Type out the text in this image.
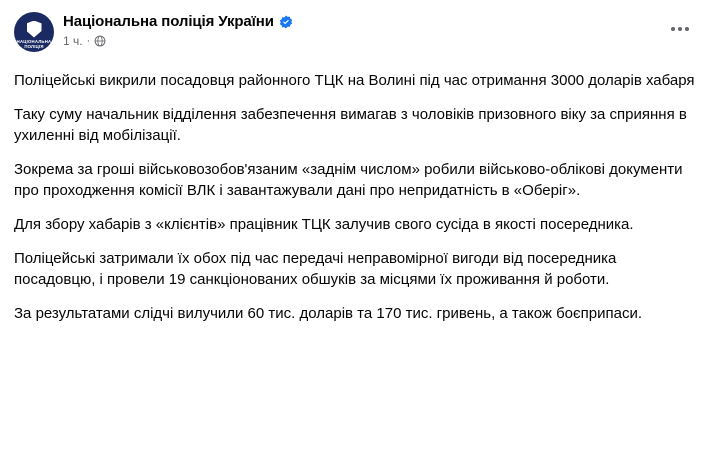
НАЦІОНАЛЬНА ПОЛІЦІЯ
Національна поліція України
1 ч. ·

Поліцейські викрили посадовця районного ТЦК на Волині під час отримання 3000 доларів хабаря

Таку суму начальник відділення забезпечення вимагав з чоловіків призовного віку за сприяння в ухиленні від мобілізації.

Зокрема за гроші військовозобов'язаним «заднім числом» робили військово-облікові документи про проходження комісії ВЛК і завантажували дані про непридатність в «Оберіг».

Для збору хабарів з «клієнтів» працівник ТЦК залучив свого сусіда в якості посередника.

Поліцейські затримали їх обох під час передачі неправомірної вигоди від посередника посадовцю, і провели 19 санкціонованих обшуків за місцями їх проживання й роботи.

За результатами слідчі вилучили 60 тис. доларів та 170 тис. гривень, а також боєприпаси.
